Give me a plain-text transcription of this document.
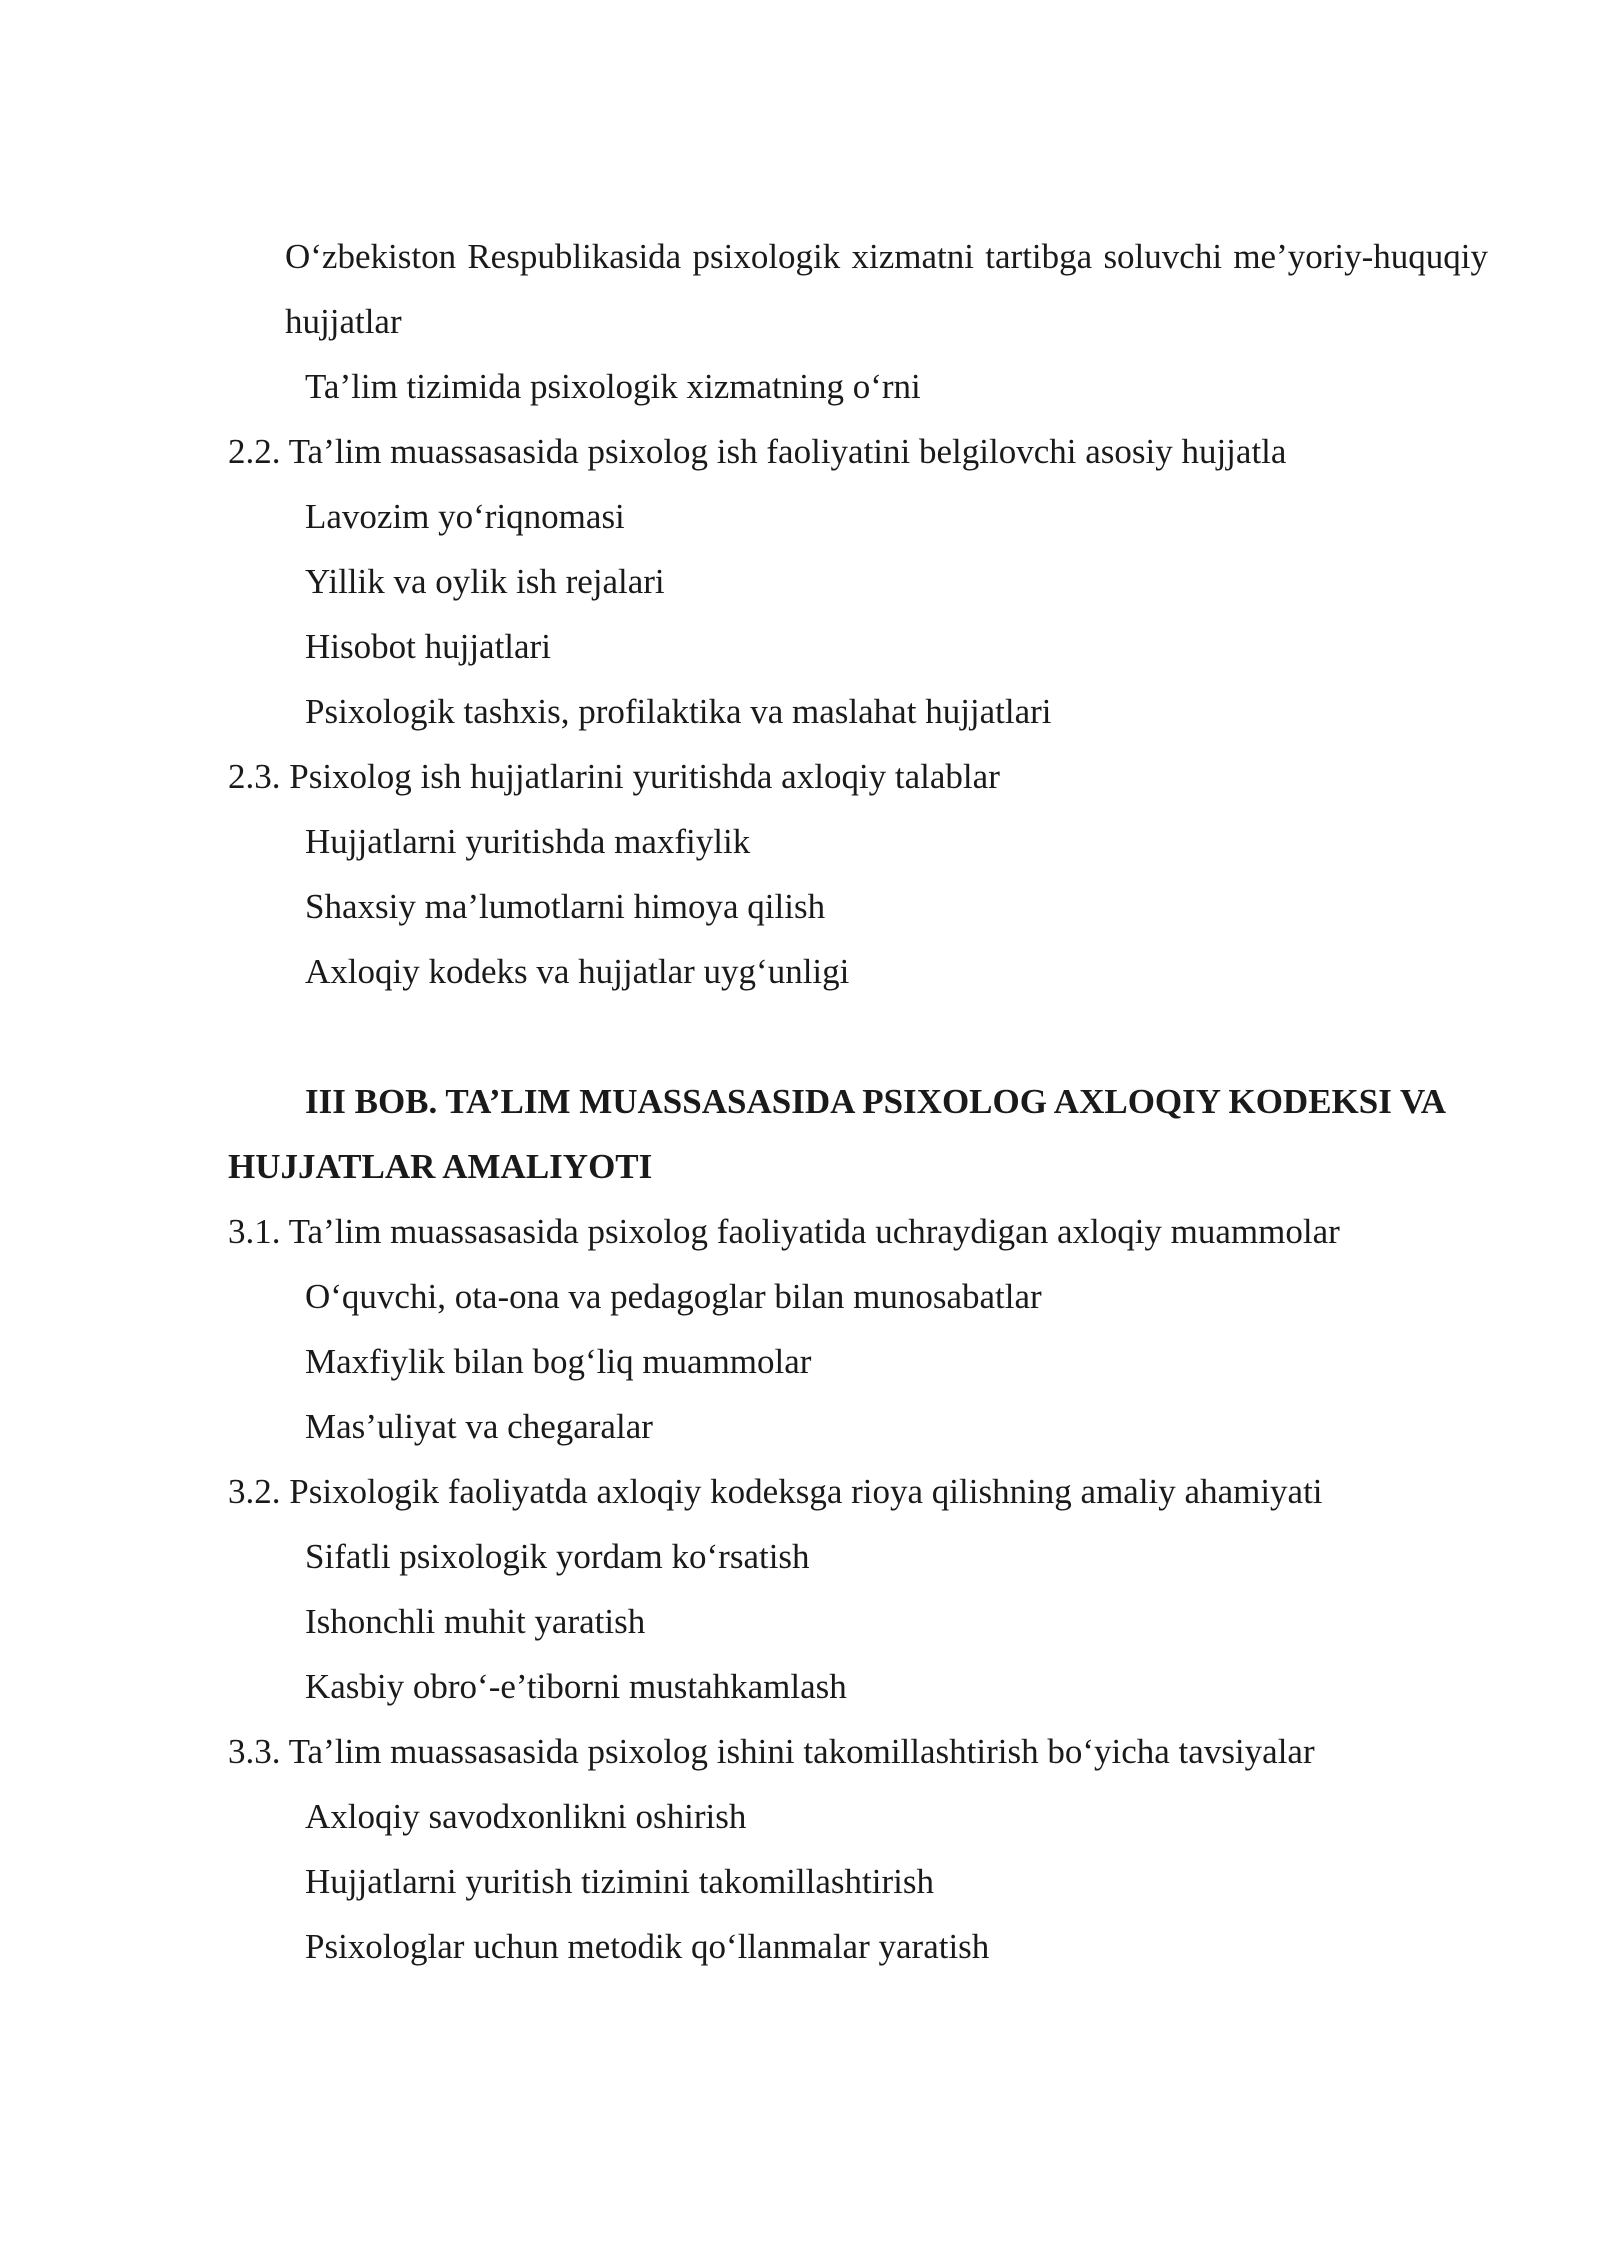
O‘zbekiston Respublikasida psixologik xizmatni tartibga soluvchi me’yoriy-huquqiy hujjatlar

Ta’lim tizimida psixologik xizmatning o‘rni

2.2. Ta’lim muassasasida psixolog ish faoliyatini belgilovchi asosiy hujjatla

Lavozim yo‘riqnomasi

Yillik va oylik ish rejalari

Hisobot hujjatlari

Psixologik tashxis, profilaktika va maslahat hujjatlari

2.3. Psixolog ish hujjatlarini yuritishda axloqiy talablar

Hujjatlarni yuritishda maxfiylik

Shaxsiy ma’lumotlarni himoya qilish

Axloqiy kodeks va hujjatlar uyg‘unligi

III BOB. TA’LIM MUASSASASIDA PSIXOLOG AXLOQIY KODEKSI VA HUJJATLAR AMALIYOTI

3.1. Ta’lim muassasasida psixolog faoliyatida uchraydigan axloqiy muammolar

O‘quvchi, ota-ona va pedagoglar bilan munosabatlar

Maxfiylik bilan bog‘liq muammolar

Mas’uliyat va chegaralar

3.2. Psixologik faoliyatda axloqiy kodeksga rioya qilishning amaliy ahamiyati

Sifatli psixologik yordam ko‘rsatish

Ishonchli muhit yaratish

Kasbiy obro‘-e’tiborni mustahkamlash

3.3. Ta’lim muassasasida psixolog ishini takomillashtirish bo‘yicha tavsiyalar

Axloqiy savodxonlikni oshirish

Hujjatlarni yuritish tizimini takomillashtirish

Psixologlar uchun metodik qo‘llanmalar yaratish
